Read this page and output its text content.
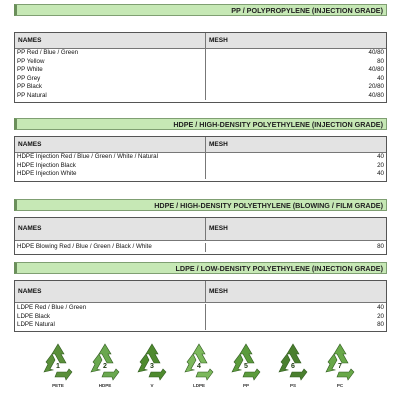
PP / POLYPROPYLENE (INJECTION GRADE)
NAMES	MESH
PP Red / Blue / Green	40/80
PP Yellow	80
PP White	40/80
PP Grey	40
PP Black	20/80
PP Natural	40/80
HDPE / HIGH-DENSITY POLYETHYLENE (INJECTION GRADE)
NAMES	MESH
HDPE Injection Red / Blue / Green / White / Natural	40
HDPE Injection Black	20
HDPE Injection White	40
HDPE / HIGH-DENSITY POLYETHYLENE (BLOWING / FILM GRADE)
NAMES	MESH
HDPE Blowing Red / Blue / Green / Black / White	80
LDPE / LOW-DENSITY POLYETHYLENE (INJECTION GRADE)
NAMES	MESH
LDPE Red / Blue / Green	40
LDPE Black	20
LDPE Natural	80
1
PETE
2
HDPE
3
V
4
LDPE
5
PP
6
PS
7
PC
